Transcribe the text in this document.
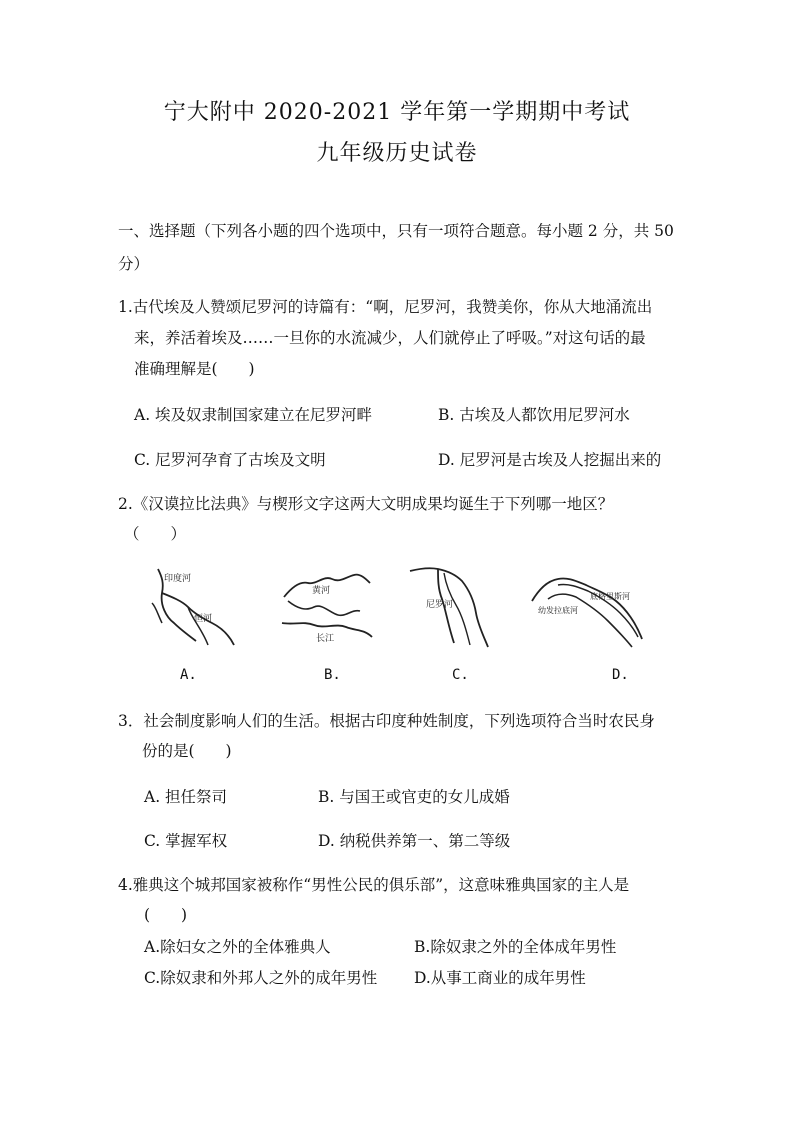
宁大附中 2020-2021 学年第一学期期中考试
九年级历史试卷
一、选择题（下列各小题的四个选项中，只有一项符合题意。每小题 2 分，共 50
分）
1.古代埃及人赞颂尼罗河的诗篇有：“啊，尼罗河，我赞美你，你从大地涌流出
来，养活着埃及……一旦你的水流减少，人们就停止了呼吸。”对这句话的最
准确理解是(　　)
A. 埃及奴隶制国家建立在尼罗河畔	B. 古埃及人都饮用尼罗河水
C. 尼罗河孕育了古埃及文明	D. 尼罗河是古埃及人挖掘出来的
2.《汉谟拉比法典》与楔形文字这两大文明成果均诞生于下列哪一地区？
（　　）
印度河
恒河
A.
黄河
长江
B.
尼罗河
C.
幼发拉底河
底格里斯河
D.
3．社会制度影响人们的生活。根据古印度种姓制度，下列选项符合当时农民身
份的是(　　)
A. 担任祭司	B. 与国王或官吏的女儿成婚
C. 掌握军权	D. 纳税供养第一、第二等级
4.雅典这个城邦国家被称作“男性公民的俱乐部”，这意味雅典国家的主人是
(　　)
A.除妇女之外的全体雅典人	B.除奴隶之外的全体成年男性
C.除奴隶和外邦人之外的成年男性 D.从事工商业的成年男性
